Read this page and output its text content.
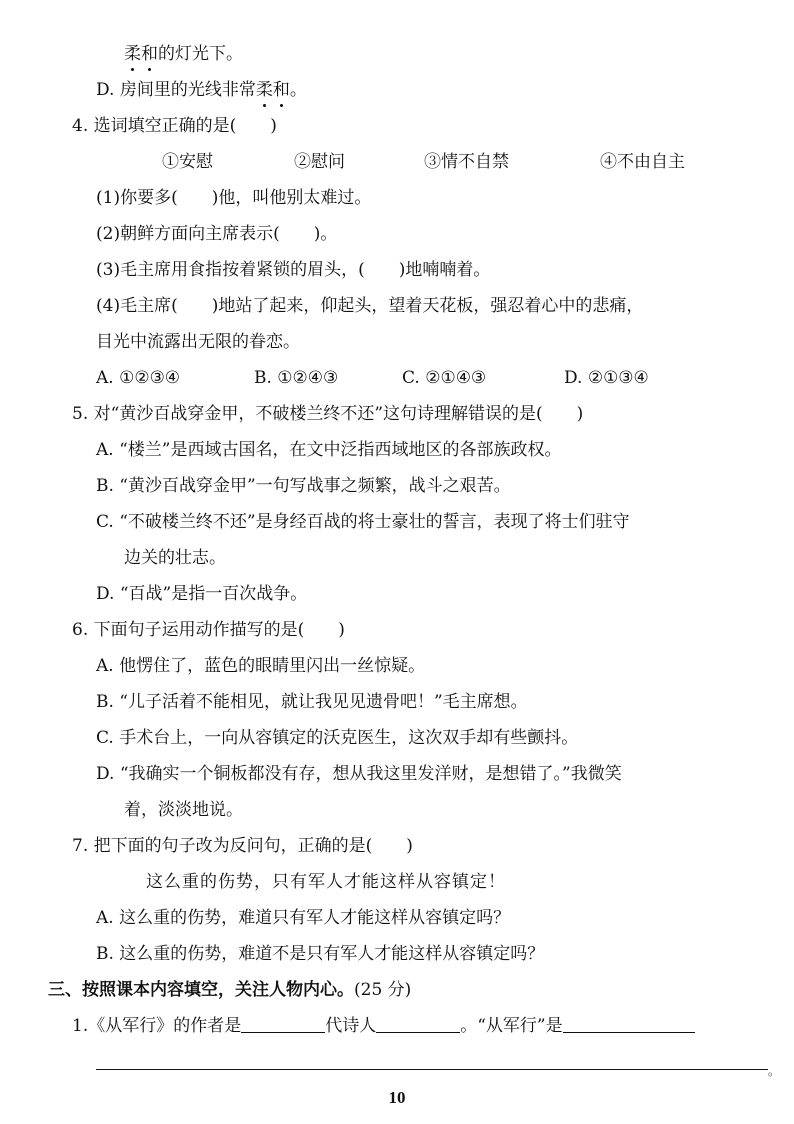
柔和的灯光下。
D. 房间里的光线非常柔和。
4. 选词填空正确的是(　　)
①安慰	②慰问	③情不自禁	④不由自主
(1)你要多(　　)他，叫他别太难过。
(2)朝鲜方面向主席表示(　　)。
(3)毛主席用食指按着紧锁的眉头，(　　)地喃喃着。
(4)毛主席(　　)地站了起来，仰起头，望着天花板，强忍着心中的悲痛，
目光中流露出无限的眷恋。
A. ①②③④	B. ①②④③	C. ②①④③	D. ②①③④
5. 对“黄沙百战穿金甲，不破楼兰终不还”这句诗理解错误的是(　　)
A. “楼兰”是西域古国名，在文中泛指西域地区的各部族政权。
B. “黄沙百战穿金甲”一句写战事之频繁，战斗之艰苦。
C. “不破楼兰终不还”是身经百战的将士豪壮的誓言，表现了将士们驻守
边关的壮志。
D. “百战”是指一百次战争。
6. 下面句子运用动作描写的是(　　)
A. 他愣住了，蓝色的眼睛里闪出一丝惊疑。
B. “儿子活着不能相见，就让我见见遗骨吧！”毛主席想。
C. 手术台上，一向从容镇定的沃克医生，这次双手却有些颤抖。
D. “我确实一个铜板都没有存，想从我这里发洋财，是想错了。”我微笑
着，淡淡地说。
7. 把下面的句子改为反问句，正确的是(　　)
这么重的伤势，只有军人才能这样从容镇定！
A. 这么重的伤势，难道只有军人才能这样从容镇定吗？
B. 这么重的伤势，难道不是只有军人才能这样从容镇定吗？
三、按照课本内容填空，关注人物内心。(25 分)
1.《从军行》的作者是	代诗人	。“从军行”是
。
10
